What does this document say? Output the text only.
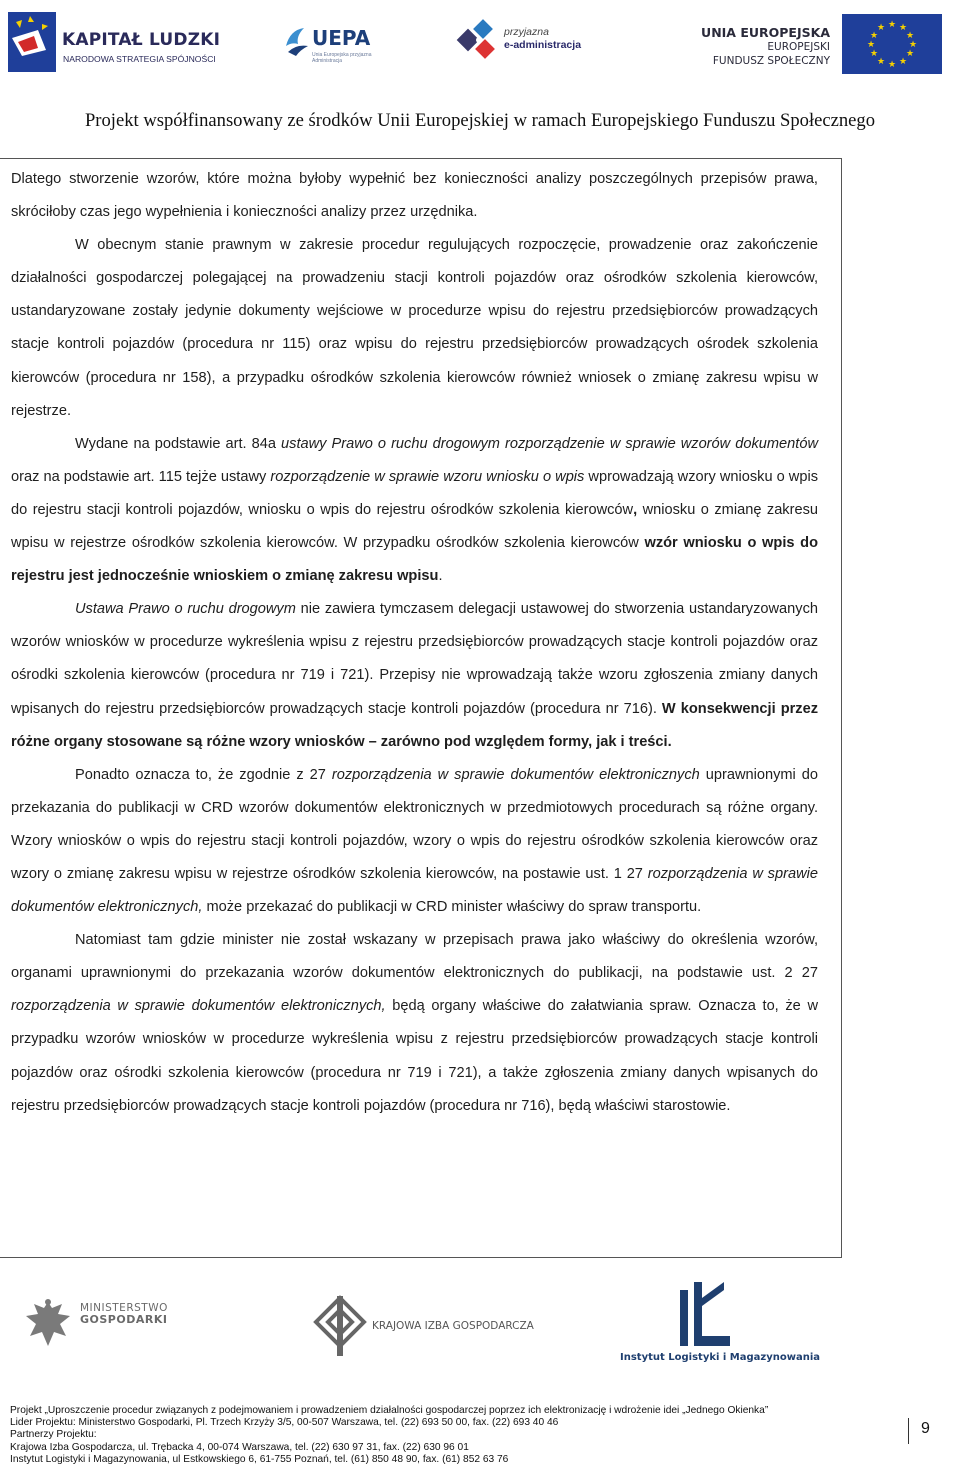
KAPITAŁ LUDZKI
NARODOWA STRATEGIA SPÓJNOŚCI
UEPA
Unia Europejska przyjazna Administracja
przyjazna
e-administracja
UNIA EUROPEJSKA
EUROPEJSKI
FUNDUSZ SPOŁECZNY
★ ★
★
★
★
★
★
★
★
★
★
★
Projekt współfinansowany ze środków Unii Europejskiej w ramach Europejskiego Funduszu Społecznego

Dlatego stworzenie wzorów, które można byłoby wypełnić bez konieczności analizy poszczególnych przepisów prawa, skróciłoby czas jego wypełnienia i konieczności analizy przez urzędnika.

W obecnym stanie prawnym w zakresie procedur regulujących rozpoczęcie, prowadzenie oraz zakończenie działalności gospodarczej polegającej na prowadzeniu stacji kontroli pojazdów oraz ośrodków szkolenia kierowców, ustandaryzowane zostały jedynie dokumenty wejściowe w procedurze wpisu do rejestru przedsiębiorców prowadzących stacje kontroli pojazdów (procedura nr 115) oraz wpisu do rejestru przedsiębiorców prowadzących ośrodek szkolenia kierowców (procedura nr 158), a przypadku ośrodków szkolenia kierowców również wniosek o zmianę zakresu wpisu w rejestrze.

Wydane na podstawie art. 84a ustawy Prawo o ruchu drogowym rozporządzenie w sprawie wzorów dokumentów oraz na podstawie art. 115 tejże ustawy rozporządzenie w sprawie wzoru wniosku o wpis wprowadzają wzory wniosku o wpis do rejestru stacji kontroli pojazdów, wniosku o wpis do rejestru ośrodków szkolenia kierowców, wniosku o zmianę zakresu wpisu w rejestrze ośrodków szkolenia kierowców. W przypadku ośrodków szkolenia kierowców wzór wniosku o wpis do rejestru jest jednocześnie wnioskiem o zmianę zakresu wpisu.

Ustawa Prawo o ruchu drogowym nie zawiera tymczasem delegacji ustawowej do stworzenia ustandaryzowanych wzorów wniosków w procedurze wykreślenia wpisu z rejestru przedsiębiorców prowadzących stacje kontroli pojazdów oraz ośrodki szkolenia kierowców (procedura nr 719 i 721). Przepisy nie wprowadzają także wzoru zgłoszenia zmiany danych wpisanych do rejestru przedsiębiorców prowadzących stacje kontroli pojazdów (procedura nr 716). W konsekwencji przez różne organy stosowane są różne wzory wniosków – zarówno pod względem formy, jak i treści.

Ponadto oznacza to, że zgodnie z 27 rozporządzenia w sprawie dokumentów elektronicznych uprawnionymi do przekazania do publikacji w CRD wzorów dokumentów elektronicznych w przedmiotowych procedurach są różne organy. Wzory wniosków o wpis do rejestru stacji kontroli pojazdów, wzory o wpis do rejestru ośrodków szkolenia kierowców oraz wzory o zmianę zakresu wpisu w rejestrze ośrodków szkolenia kierowców, na postawie ust. 1 27 rozporządzenia w sprawie dokumentów elektronicznych, może przekazać do publikacji w CRD minister właściwy do spraw transportu.

Natomiast tam gdzie minister nie został wskazany w przepisach prawa jako właściwy do określenia wzorów, organami uprawnionymi do przekazania wzorów dokumentów elektronicznych do publikacji, na podstawie ust. 2 27 rozporządzenia w sprawie dokumentów elektronicznych, będą organy właściwe do załatwiania spraw. Oznacza to, że w przypadku wzorów wniosków w procedurze wykreślenia wpisu z rejestru przedsiębiorców prowadzących stacje kontroli pojazdów oraz ośrodki szkolenia kierowców (procedura nr 719 i 721), a także zgłoszenia zmiany danych wpisanych do rejestru przedsiębiorców prowadzących stacje kontroli pojazdów (procedura nr 716), będą właściwi starostowie.

MINISTERSTWO
GOSPODARKI	KRAJOWA IZBA GOSPODARCZA
Instytut Logistyki i Magazynowania
Projekt „Uproszczenie procedur związanych z podejmowaniem i prowadzeniem działalności gospodarczej poprzez ich elektronizację i wdrożenie idei „Jednego Okienka”
Lider Projektu: Ministerstwo Gospodarki, Pl. Trzech Krzyży 3/5, 00-507 Warszawa, tel. (22) 693 50 00, fax. (22) 693 40 46
Partnerzy Projektu:
Krajowa Izba Gospodarcza, ul. Trębacka 4, 00-074 Warszawa, tel. (22) 630 97 31, fax. (22) 630 96 01
Instytut Logistyki i Magazynowania, ul Estkowskiego 6, 61-755 Poznań, tel. (61) 850 48 90, fax. (61) 852 63 76
9
